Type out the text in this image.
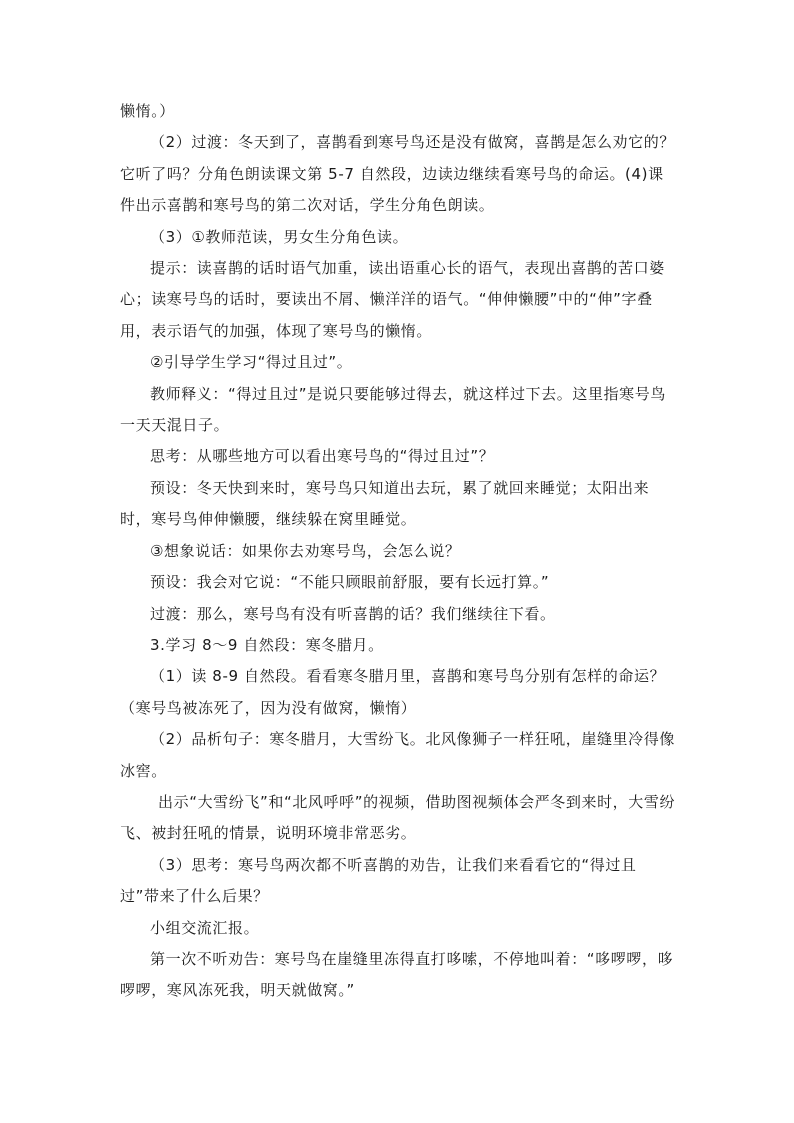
懒惰。）

（2）过渡：冬天到了，喜鹊看到寒号鸟还是没有做窝，喜鹊是怎么劝它的？它听了吗？分角色朗读课文第 5-7 自然段，边读边继续看寒号鸟的命运。(4)课件出示喜鹊和寒号鸟的第二次对话，学生分角色朗读。

（3）①教师范读，男女生分角色读。

提示：读喜鹊的话时语气加重，读出语重心长的语气，表现出喜鹊的苦口婆心；读寒号鸟的话时，要读出不屑、懒洋洋的语气。“伸伸懒腰”中的“伸”字叠用，表示语气的加强，体现了寒号鸟的懒惰。

②引导学生学习“得过且过”。

教师释义：“得过且过”是说只要能够过得去，就这样过下去。这里指寒号鸟一天天混日子。

思考：从哪些地方可以看出寒号鸟的“得过且过”？

预设：冬天快到来时，寒号鸟只知道出去玩，累了就回来睡觉；太阳出来时，寒号鸟伸伸懒腰，继续躲在窝里睡觉。

③想象说话：如果你去劝寒号鸟，会怎么说？

预设：我会对它说：“不能只顾眼前舒服，要有长远打算。”

过渡：那么，寒号鸟有没有听喜鹊的话？我们继续往下看。

3.学习 8～9 自然段：寒冬腊月。

（1）读 8-9 自然段。看看寒冬腊月里，喜鹊和寒号鸟分别有怎样的命运？（寒号鸟被冻死了，因为没有做窝，懒惰）

（2）品析句子：寒冬腊月，大雪纷飞。北风像狮子一样狂吼，崖缝里冷得像冰窖。

出示“大雪纷飞”和“北风呼呼”的视频，借助图视频体会严冬到来时，大雪纷飞、被封狂吼的情景，说明环境非常恶劣。

（3）思考：寒号鸟两次都不听喜鹊的劝告，让我们来看看它的“得过且过”带来了什么后果？

小组交流汇报。

第一次不听劝告：寒号鸟在崖缝里冻得直打哆嗦，不停地叫着：“哆啰啰，哆啰啰，寒风冻死我，明天就做窝。”
